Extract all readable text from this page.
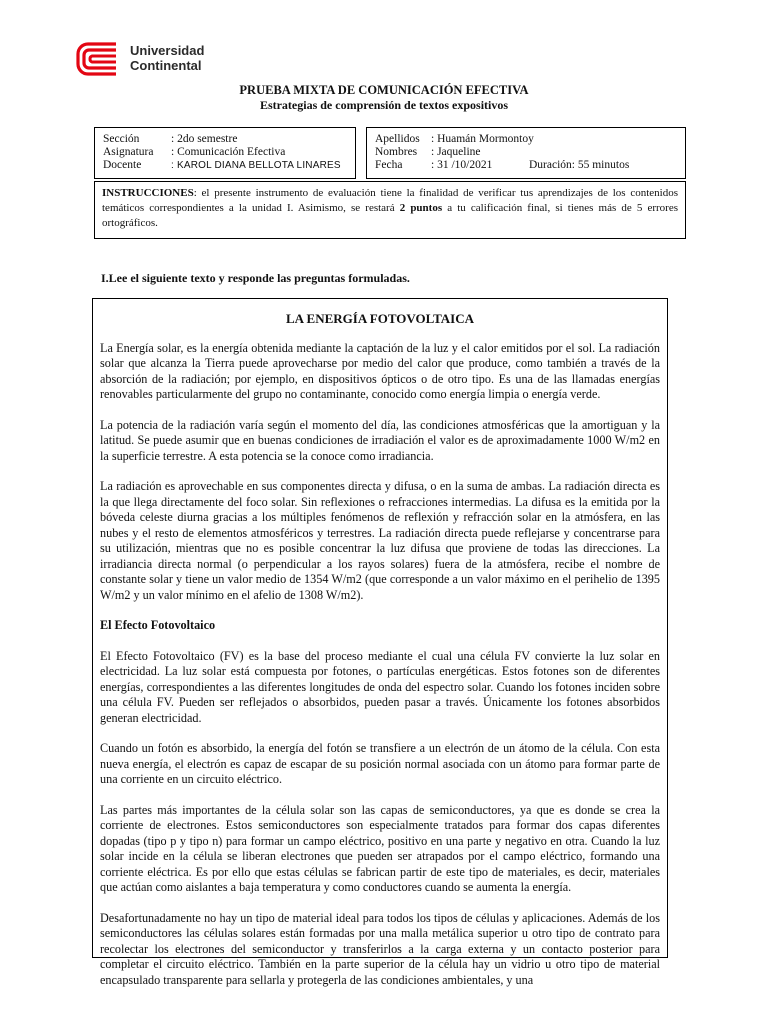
Universidad
Continental
PRUEBA MIXTA DE COMUNICACIÓN EFECTIVA
Estrategias de comprensión de textos expositivos
Sección	: 2do semestre
Asignatura	: Comunicación Efectiva
Docente	: KAROL DIANA BELLOTA LINARES
Apellidos : Huamán Mormontoy
Nombres	: Jaqueline
Fecha	: 31 /10/2021	Duración: 55 minutos
INSTRUCCIONES: el presente instrumento de evaluación tiene la finalidad de verificar tus aprendizajes de los contenidos temáticos correspondientes a la unidad I. Asimismo, se restará 2 puntos a tu calificación final, si tienes más de 5 errores ortográficos.
I.Lee el siguiente texto y responde las preguntas formuladas.
LA ENERGÍA FOTOVOLTAICA

La Energía solar, es la energía obtenida mediante la captación de la luz y el calor emitidos por el sol. La radiación solar que alcanza la Tierra puede aprovecharse por medio del calor que produce, como también a través de la absorción de la radiación; por ejemplo, en dispositivos ópticos o de otro tipo. Es una de las llamadas energías renovables particularmente del grupo no contaminante, conocido como energía limpia o energía verde.

La potencia de la radiación varía según el momento del día, las condiciones atmosféricas que la amortiguan y la latitud. Se puede asumir que en buenas condiciones de irradiación el valor es de aproximadamente 1000 W/m2 en la superficie terrestre. A esta potencia se la conoce como irradiancia.

La radiación es aprovechable en sus componentes directa y difusa, o en la suma de ambas. La radiación directa es la que llega directamente del foco solar. Sin reflexiones o refracciones intermedias. La difusa es la emitida por la bóveda celeste diurna gracias a los múltiples fenómenos de reflexión y refracción solar en la atmósfera, en las nubes y el resto de elementos atmosféricos y terrestres. La radiación directa puede reflejarse y concentrarse para su utilización, mientras que no es posible concentrar la luz difusa que proviene de todas las direcciones. La irradiancia directa normal (o perpendicular a los rayos solares) fuera de la atmósfera, recibe el nombre de constante solar y tiene un valor medio de 1354 W/m2 (que corresponde a un valor máximo en el perihelio de 1395 W/m2 y un valor mínimo en el afelio de 1308 W/m2).

El Efecto Fotovoltaico

El Efecto Fotovoltaico (FV) es la base del proceso mediante el cual una célula FV convierte la luz solar en electricidad. La luz solar está compuesta por fotones, o partículas energéticas. Estos fotones son de diferentes energías, correspondientes a las diferentes longitudes de onda del espectro solar. Cuando los fotones inciden sobre una célula FV. Pueden ser reflejados o absorbidos, pueden pasar a través. Únicamente los fotones absorbidos generan electricidad.

Cuando un fotón es absorbido, la energía del fotón se transfiere a un electrón de un átomo de la célula. Con esta nueva energía, el electrón es capaz de escapar de su posición normal asociada con un átomo para formar parte de una corriente en un circuito eléctrico.

Las partes más importantes de la célula solar son las capas de semiconductores, ya que es donde se crea la corriente de electrones. Estos semiconductores son especialmente tratados para formar dos capas diferentes dopadas (tipo p y tipo n) para formar un campo eléctrico, positivo en una parte y negativo en otra. Cuando la luz solar incide en la célula se liberan electrones que pueden ser atrapados por el campo eléctrico, formando una corriente eléctrica. Es por ello que estas células se fabrican partir de este tipo de materiales, es decir, materiales que actúan como aislantes a baja temperatura y como conductores cuando se aumenta la energía.

Desafortunadamente no hay un tipo de material ideal para todos los tipos de células y aplicaciones. Además de los semiconductores las células solares están formadas por una malla metálica superior u otro tipo de contrato para recolectar los electrones del semiconductor y transferirlos a la carga externa y un contacto posterior para completar el circuito eléctrico. También en la parte superior de la célula hay un vidrio u otro tipo de material encapsulado transparente para sellarla y protegerla de las condiciones ambientales, y una
